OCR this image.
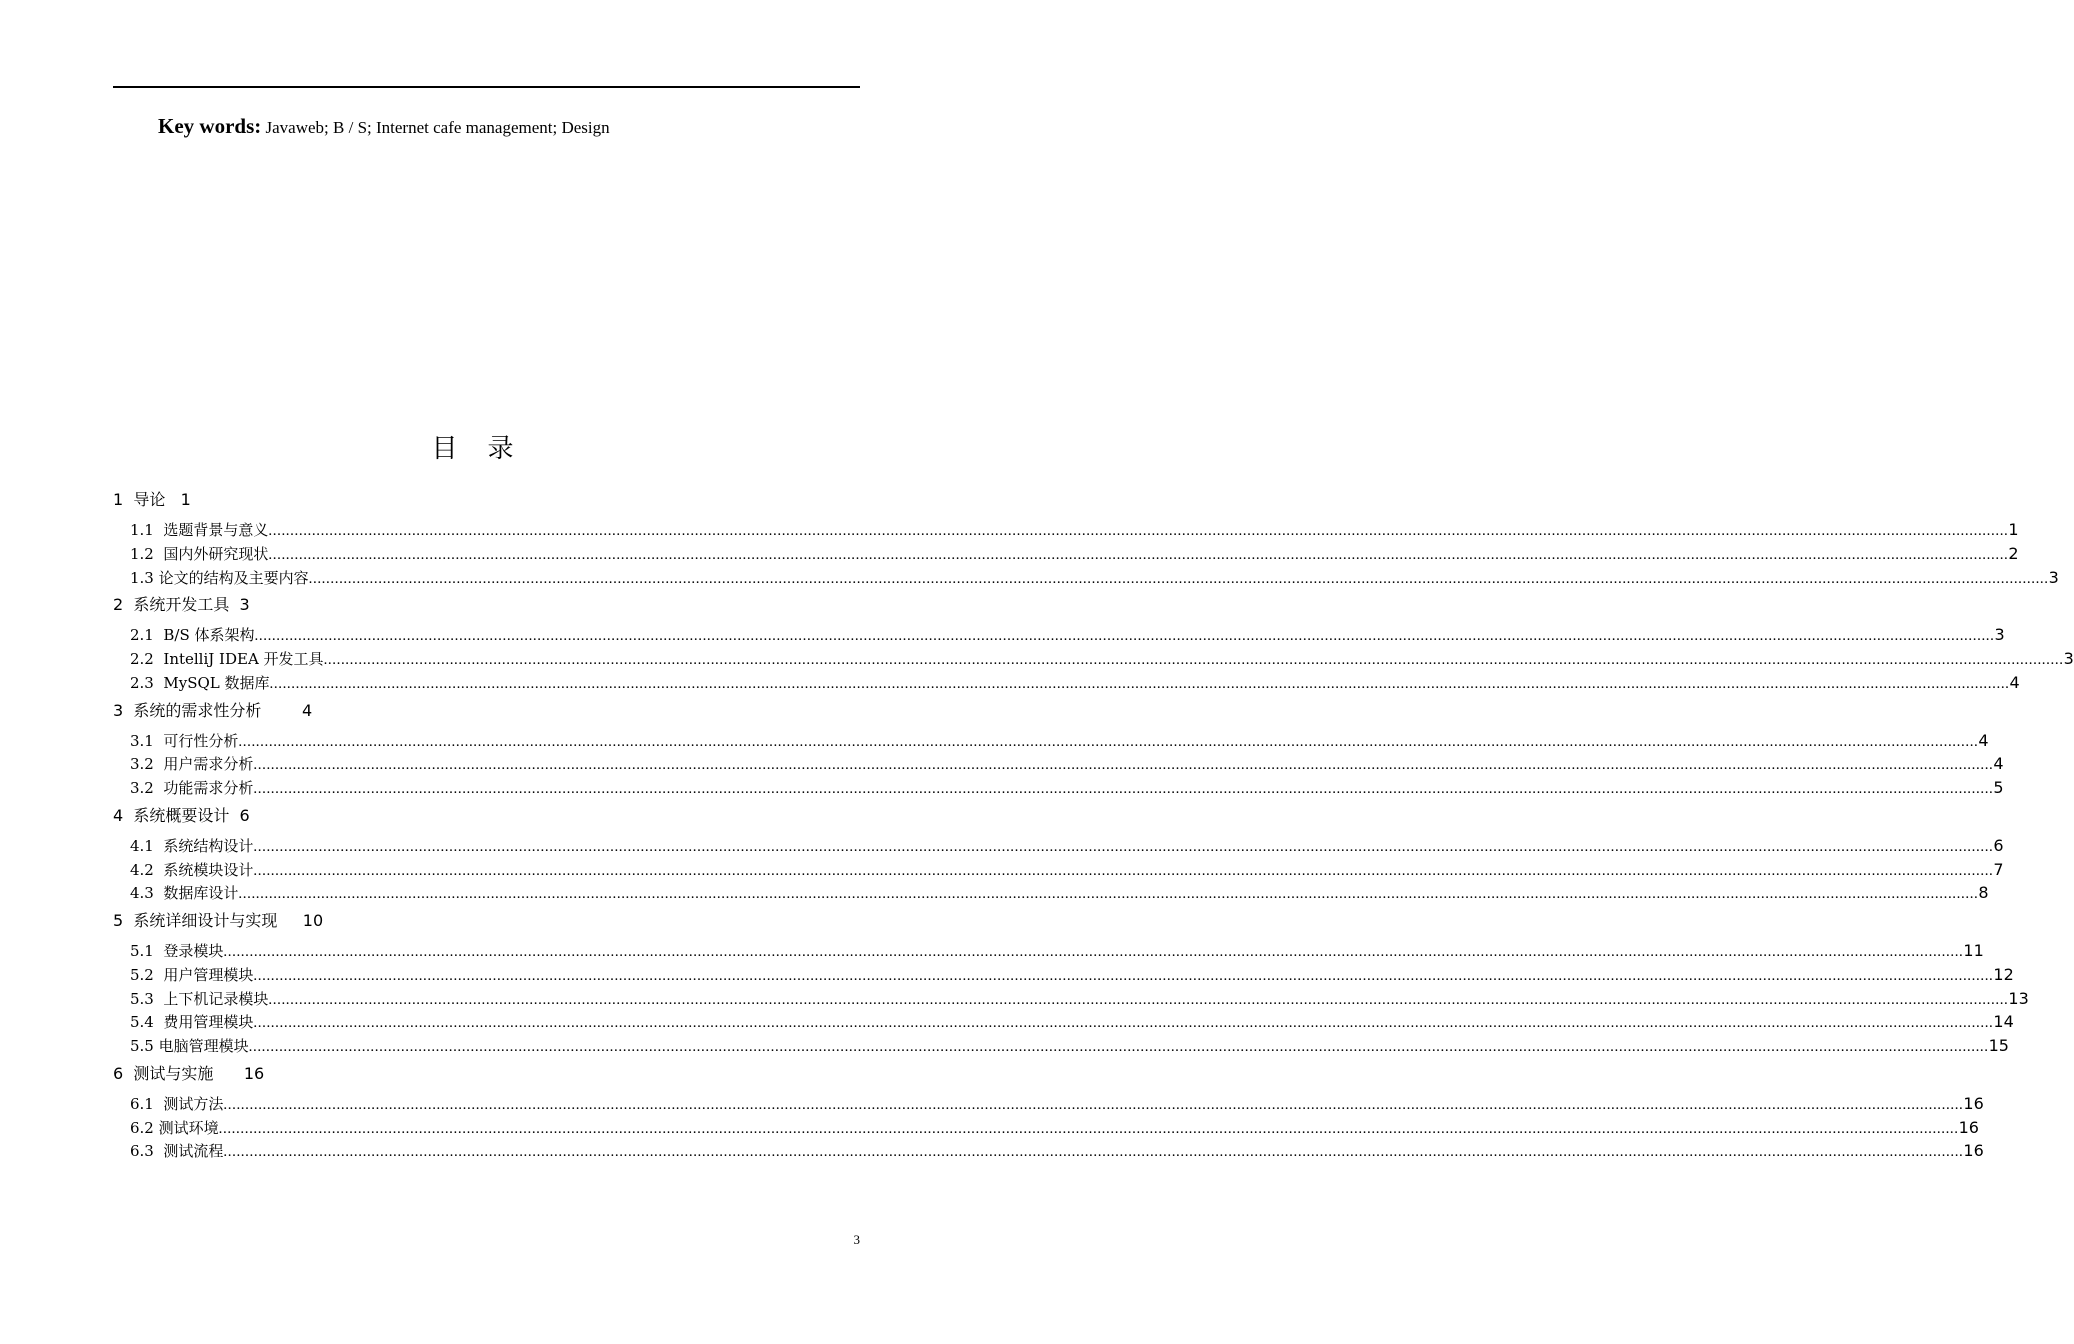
Key words: Javaweb; B / S; Internet cafe management; Design
目录
1  导论   1
1.1  选题背景与意义 ................................................................................................................................................................................................................................................................................................................................................................................................................ 1
1.2  国内外研究现状 ................................................................................................................................................................................................................................................................................................................................................................................................................ 2
1.3 论文的结构及主要内容 ................................................................................................................................................................................................................................................................................................................................................................................................................ 3
2  系统开发工具  3
2.1  B/S 体系架构 ................................................................................................................................................................................................................................................................................................................................................................................................................ 3
2.2  IntelliJ IDEA 开发工具 ................................................................................................................................................................................................................................................................................................................................................................................................................ 3
2.3  MySQL 数据库 ................................................................................................................................................................................................................................................................................................................................................................................................................ 4
3  系统的需求性分析        4
3.1  可行性分析 ................................................................................................................................................................................................................................................................................................................................................................................................................ 4
3.2  用户需求分析 ................................................................................................................................................................................................................................................................................................................................................................................................................ 4
3.2  功能需求分析 ................................................................................................................................................................................................................................................................................................................................................................................................................ 5
4  系统概要设计  6
4.1  系统结构设计 ................................................................................................................................................................................................................................................................................................................................................................................................................ 6
4.2  系统模块设计 ................................................................................................................................................................................................................................................................................................................................................................................................................ 7
4.3  数据库设计 ................................................................................................................................................................................................................................................................................................................................................................................................................ 8
5  系统详细设计与实现     10
5.1  登录模块 ................................................................................................................................................................................................................................................................................................................................................................................................................ 11
5.2  用户管理模块 ................................................................................................................................................................................................................................................................................................................................................................................................................ 12
5.3  上下机记录模块 ................................................................................................................................................................................................................................................................................................................................................................................................................ 13
5.4  费用管理模块 ................................................................................................................................................................................................................................................................................................................................................................................................................ 14
5.5 电脑管理模块 ................................................................................................................................................................................................................................................................................................................................................................................................................ 15
6  测试与实施      16
6.1  测试方法 ................................................................................................................................................................................................................................................................................................................................................................................................................ 16
6.2 测试环境 ................................................................................................................................................................................................................................................................................................................................................................................................................ 16
6.3  测试流程 ................................................................................................................................................................................................................................................................................................................................................................................................................ 16
3
